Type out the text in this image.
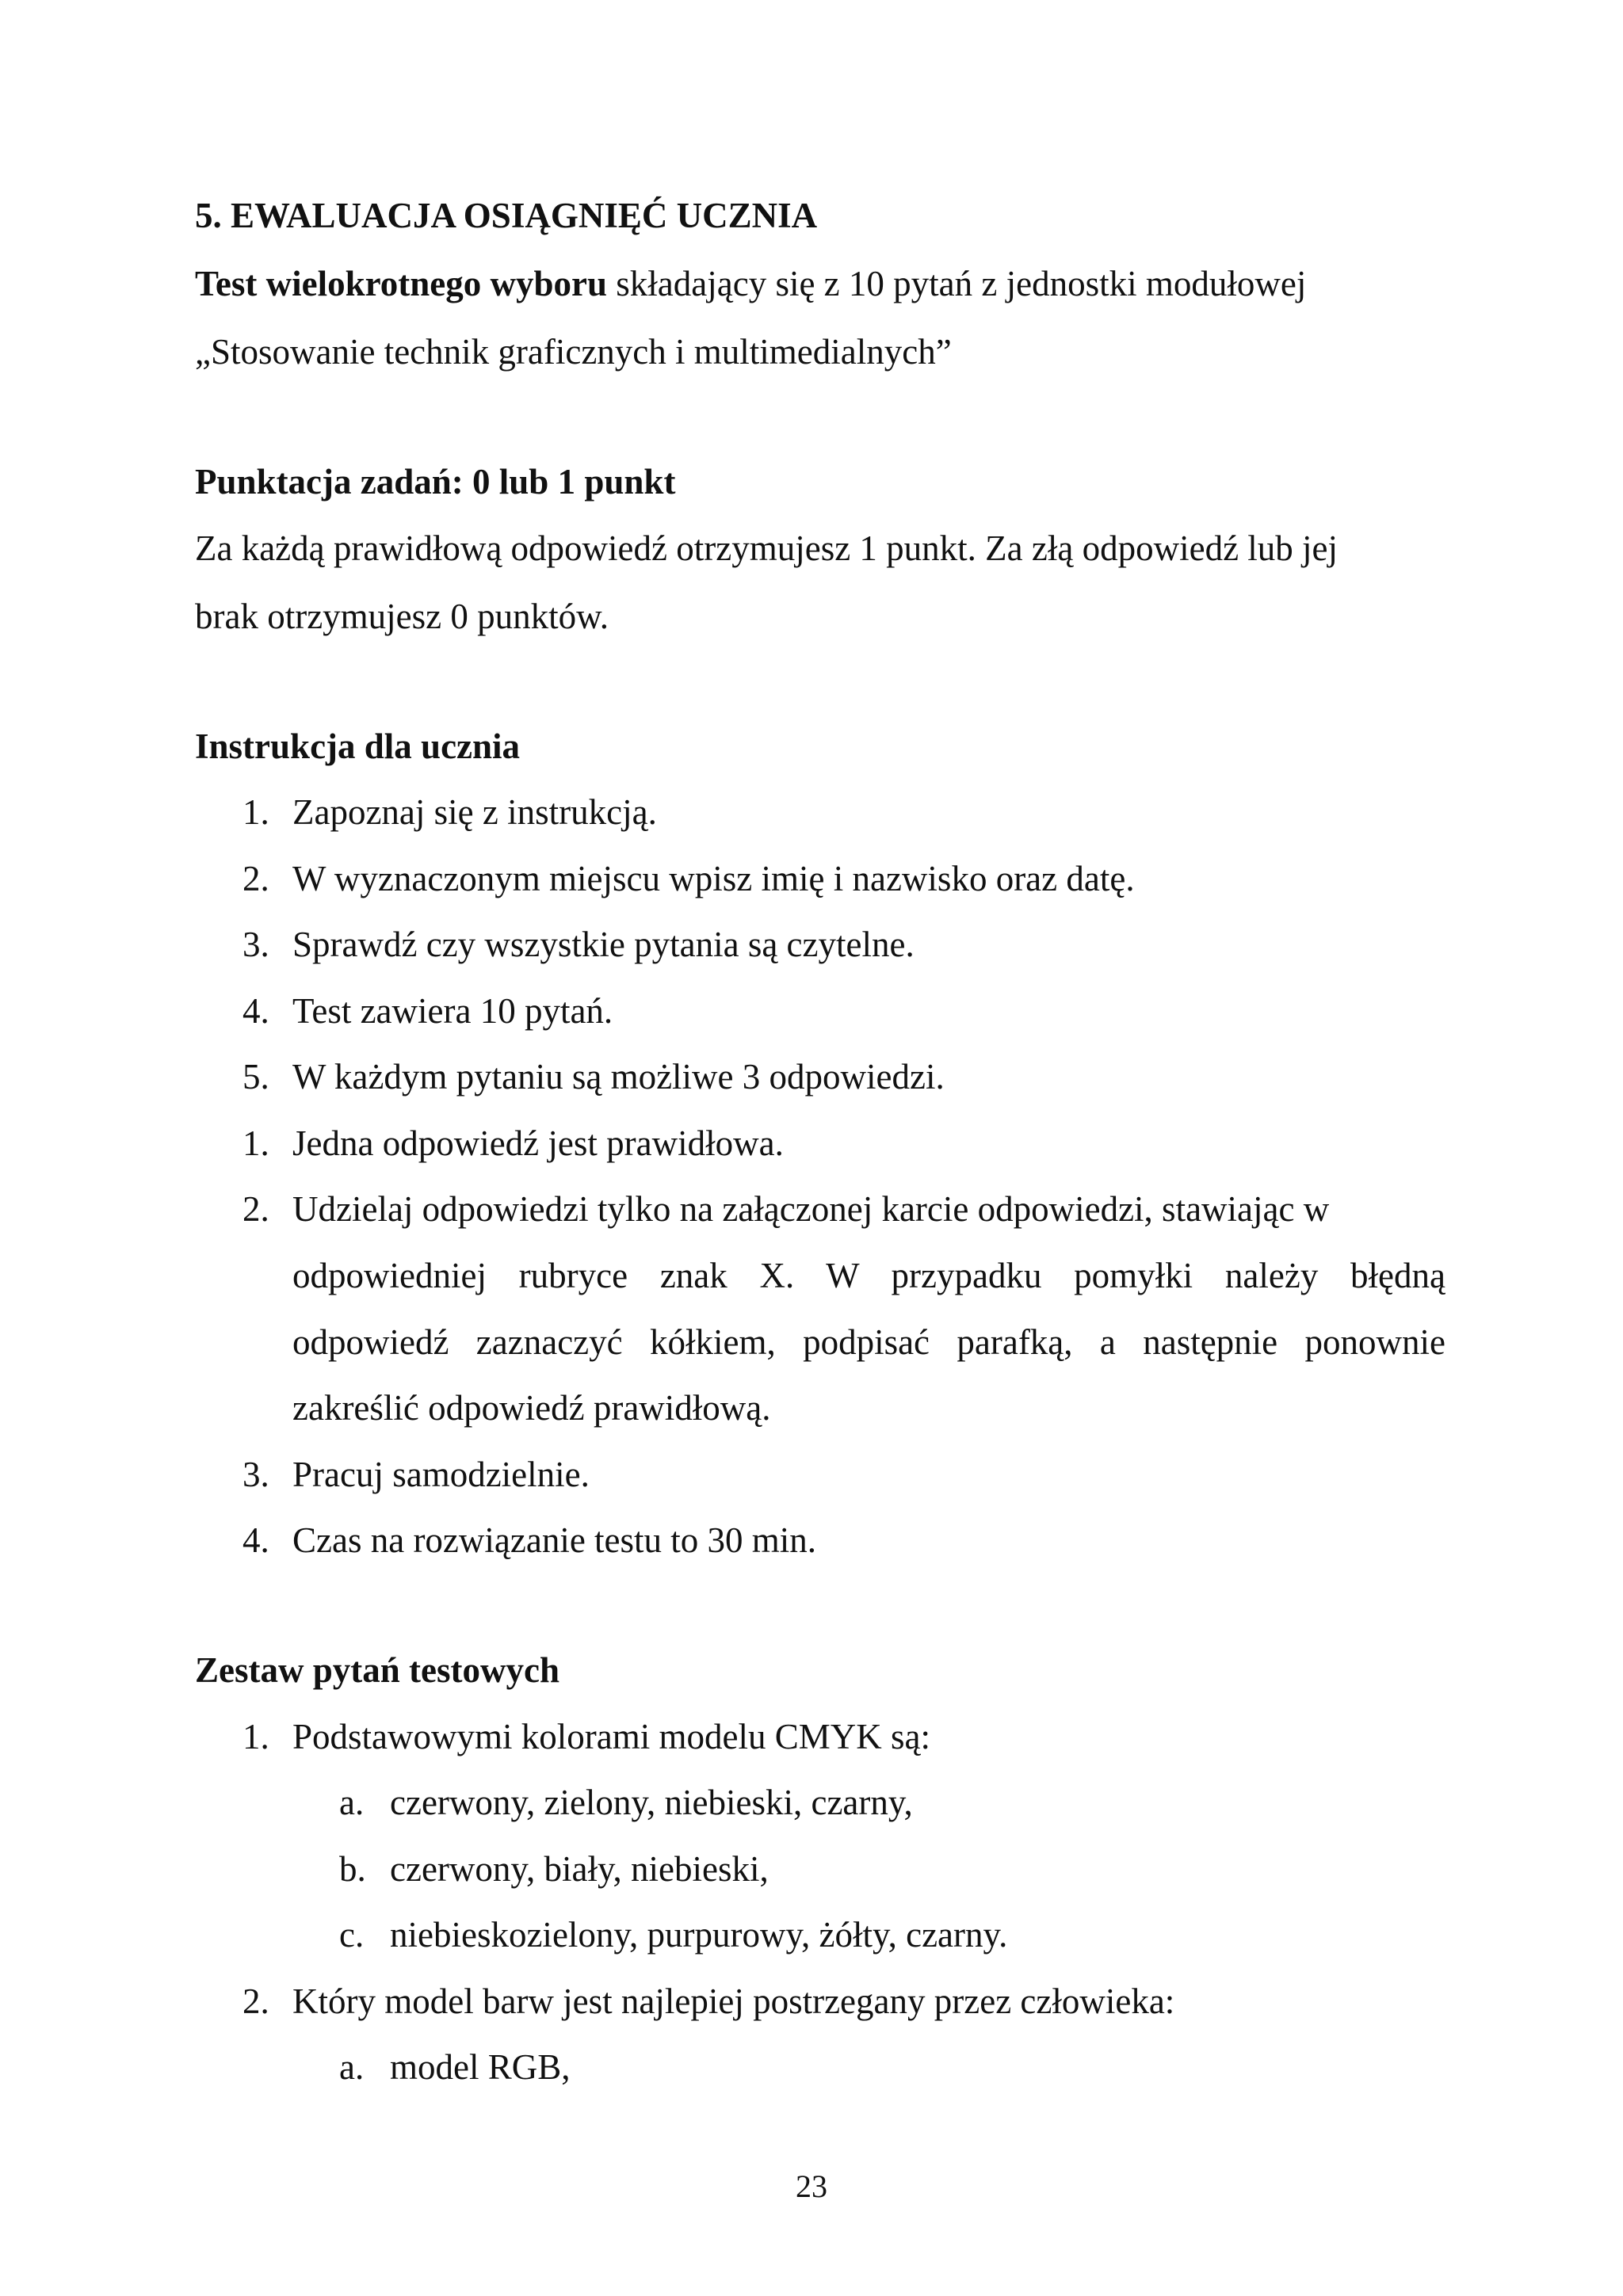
5. EWALUACJA OSIĄGNIĘĆ UCZNIA
Test wielokrotnego wyboru składający się z 10 pytań z jednostki modułowej
„Stosowanie technik graficznych i multimedialnych”
Punktacja zadań: 0 lub 1 punkt
Za każdą prawidłową odpowiedź otrzymujesz 1 punkt. Za złą odpowiedź lub jej
brak otrzymujesz 0 punktów.
Instrukcja dla ucznia
1. Zapoznaj się z instrukcją.
2. W wyznaczonym miejscu wpisz imię i nazwisko oraz datę.
3. Sprawdź czy wszystkie pytania są czytelne.
4. Test zawiera 10 pytań.
5. W każdym pytaniu są możliwe 3 odpowiedzi.
1. Jedna odpowiedź jest prawidłowa.
2. Udzielaj odpowiedzi tylko na załączonej karcie odpowiedzi, stawiając w
odpowiedniej rubryce znak X. W przypadku pomyłki należy błędną
odpowiedź zaznaczyć kółkiem, podpisać parafką, a następnie ponownie
zakreślić odpowiedź prawidłową.
3. Pracuj samodzielnie.
4. Czas na rozwiązanie testu to 30 min.
Zestaw pytań testowych
1. Podstawowymi kolorami modelu CMYK są:
a. czerwony, zielony, niebieski, czarny,
b. czerwony, biały, niebieski,
c. niebieskozielony, purpurowy, żółty, czarny.
2. Który model barw jest najlepiej postrzegany przez człowieka:
a. model RGB,
23
